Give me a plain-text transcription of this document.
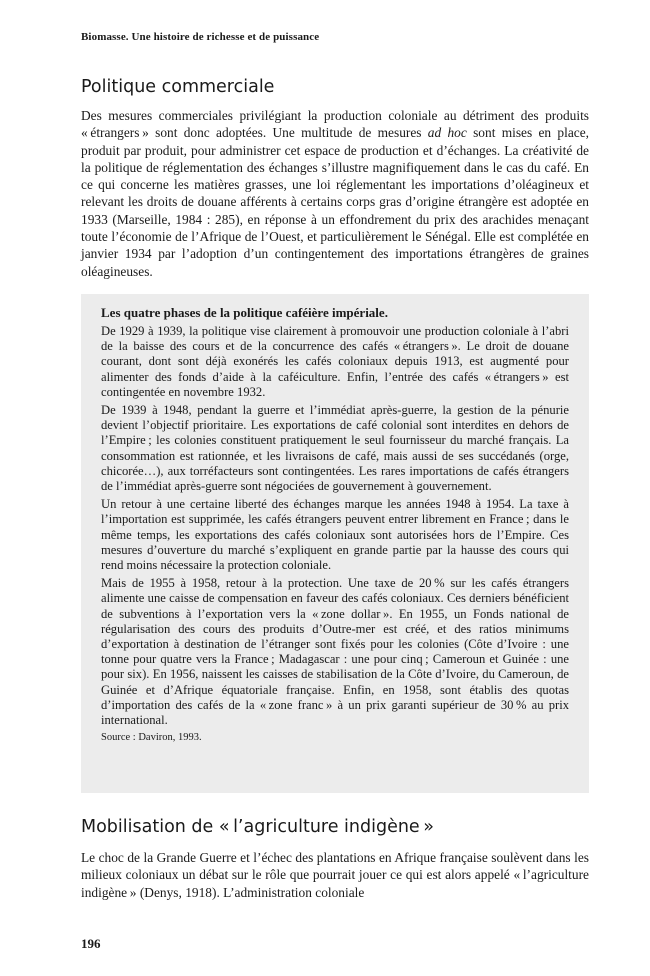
Biomasse. Une histoire de richesse et de puissance
Politique commerciale

Des mesures commerciales privilégiant la production coloniale au détriment des produits « étrangers » sont donc adoptées. Une multitude de mesures ad hoc sont mises en place, produit par produit, pour administrer cet espace de production et d’échanges. La créativité de la politique de réglementation des échanges s’illustre magnifiquement dans le cas du café. En ce qui concerne les matières grasses, une loi réglementant les importations d’oléagineux et relevant les droits de douane afférents à certains corps gras d’origine étrangère est adoptée en 1933 (Marseille, 1984 : 285), en réponse à un effondrement du prix des arachides menaçant toute l’économie de l’Afrique de l’Ouest, et particulièrement le Sénégal. Elle est complétée en janvier 1934 par l’adoption d’un contingentement des importations étrangères de graines oléagineuses.

Les quatre phases de la politique caféière impériale.

De 1929 à 1939, la politique vise clairement à promouvoir une production coloniale à l’abri de la baisse des cours et de la concurrence des cafés « étrangers ». Le droit de douane courant, dont sont déjà exonérés les cafés coloniaux depuis 1913, est augmenté pour alimenter des fonds d’aide à la caféiculture. Enfin, l’entrée des cafés « étrangers » est contingentée en novembre 1932.

De 1939 à 1948, pendant la guerre et l’immédiat après-guerre, la gestion de la pénurie devient l’objectif prioritaire. Les exportations de café colonial sont interdites en dehors de l’Empire ; les colonies constituent pratiquement le seul fournisseur du marché français. La consommation est rationnée, et les livraisons de café, mais aussi de ses succédanés (orge, chicorée…), aux torréfacteurs sont contingentées. Les rares importations de cafés étrangers de l’immédiat après-guerre sont négociées de gouvernement à gouvernement.

Un retour à une certaine liberté des échanges marque les années 1948 à 1954. La taxe à l’importation est supprimée, les cafés étrangers peuvent entrer librement en France ; dans le même temps, les exportations des cafés coloniaux sont autorisées hors de l’Empire. Ces mesures d’ouverture du marché s’expliquent en grande partie par la hausse des cours qui rend moins nécessaire la protection coloniale.

Mais de 1955 à 1958, retour à la protection. Une taxe de 20 % sur les cafés étrangers alimente une caisse de compensation en faveur des cafés coloniaux. Ces derniers bénéficient de subventions à l’exportation vers la « zone dollar ». En 1955, un Fonds national de régularisation des cours des produits d’Outre-mer est créé, et des ratios minimums d’exportation à destination de l’étranger sont fixés pour les colonies (Côte d’Ivoire : une tonne pour quatre vers la France ; Madagascar : une pour cinq ; Cameroun et Guinée : une pour six). En 1956, naissent les caisses de stabilisation de la Côte d’Ivoire, du Cameroun, de Guinée et d’Afrique équatoriale française. Enfin, en 1958, sont établis des quotas d’importation des cafés de la « zone franc » à un prix garanti supérieur de 30 % au prix international.

Source : Daviron, 1993.

Mobilisation de « l’agriculture indigène »

Le choc de la Grande Guerre et l’échec des plantations en Afrique française soulèvent dans les milieux coloniaux un débat sur le rôle que pourrait jouer ce qui est alors appelé « l’agriculture indigène » (Denys, 1918). L’administration coloniale

196
